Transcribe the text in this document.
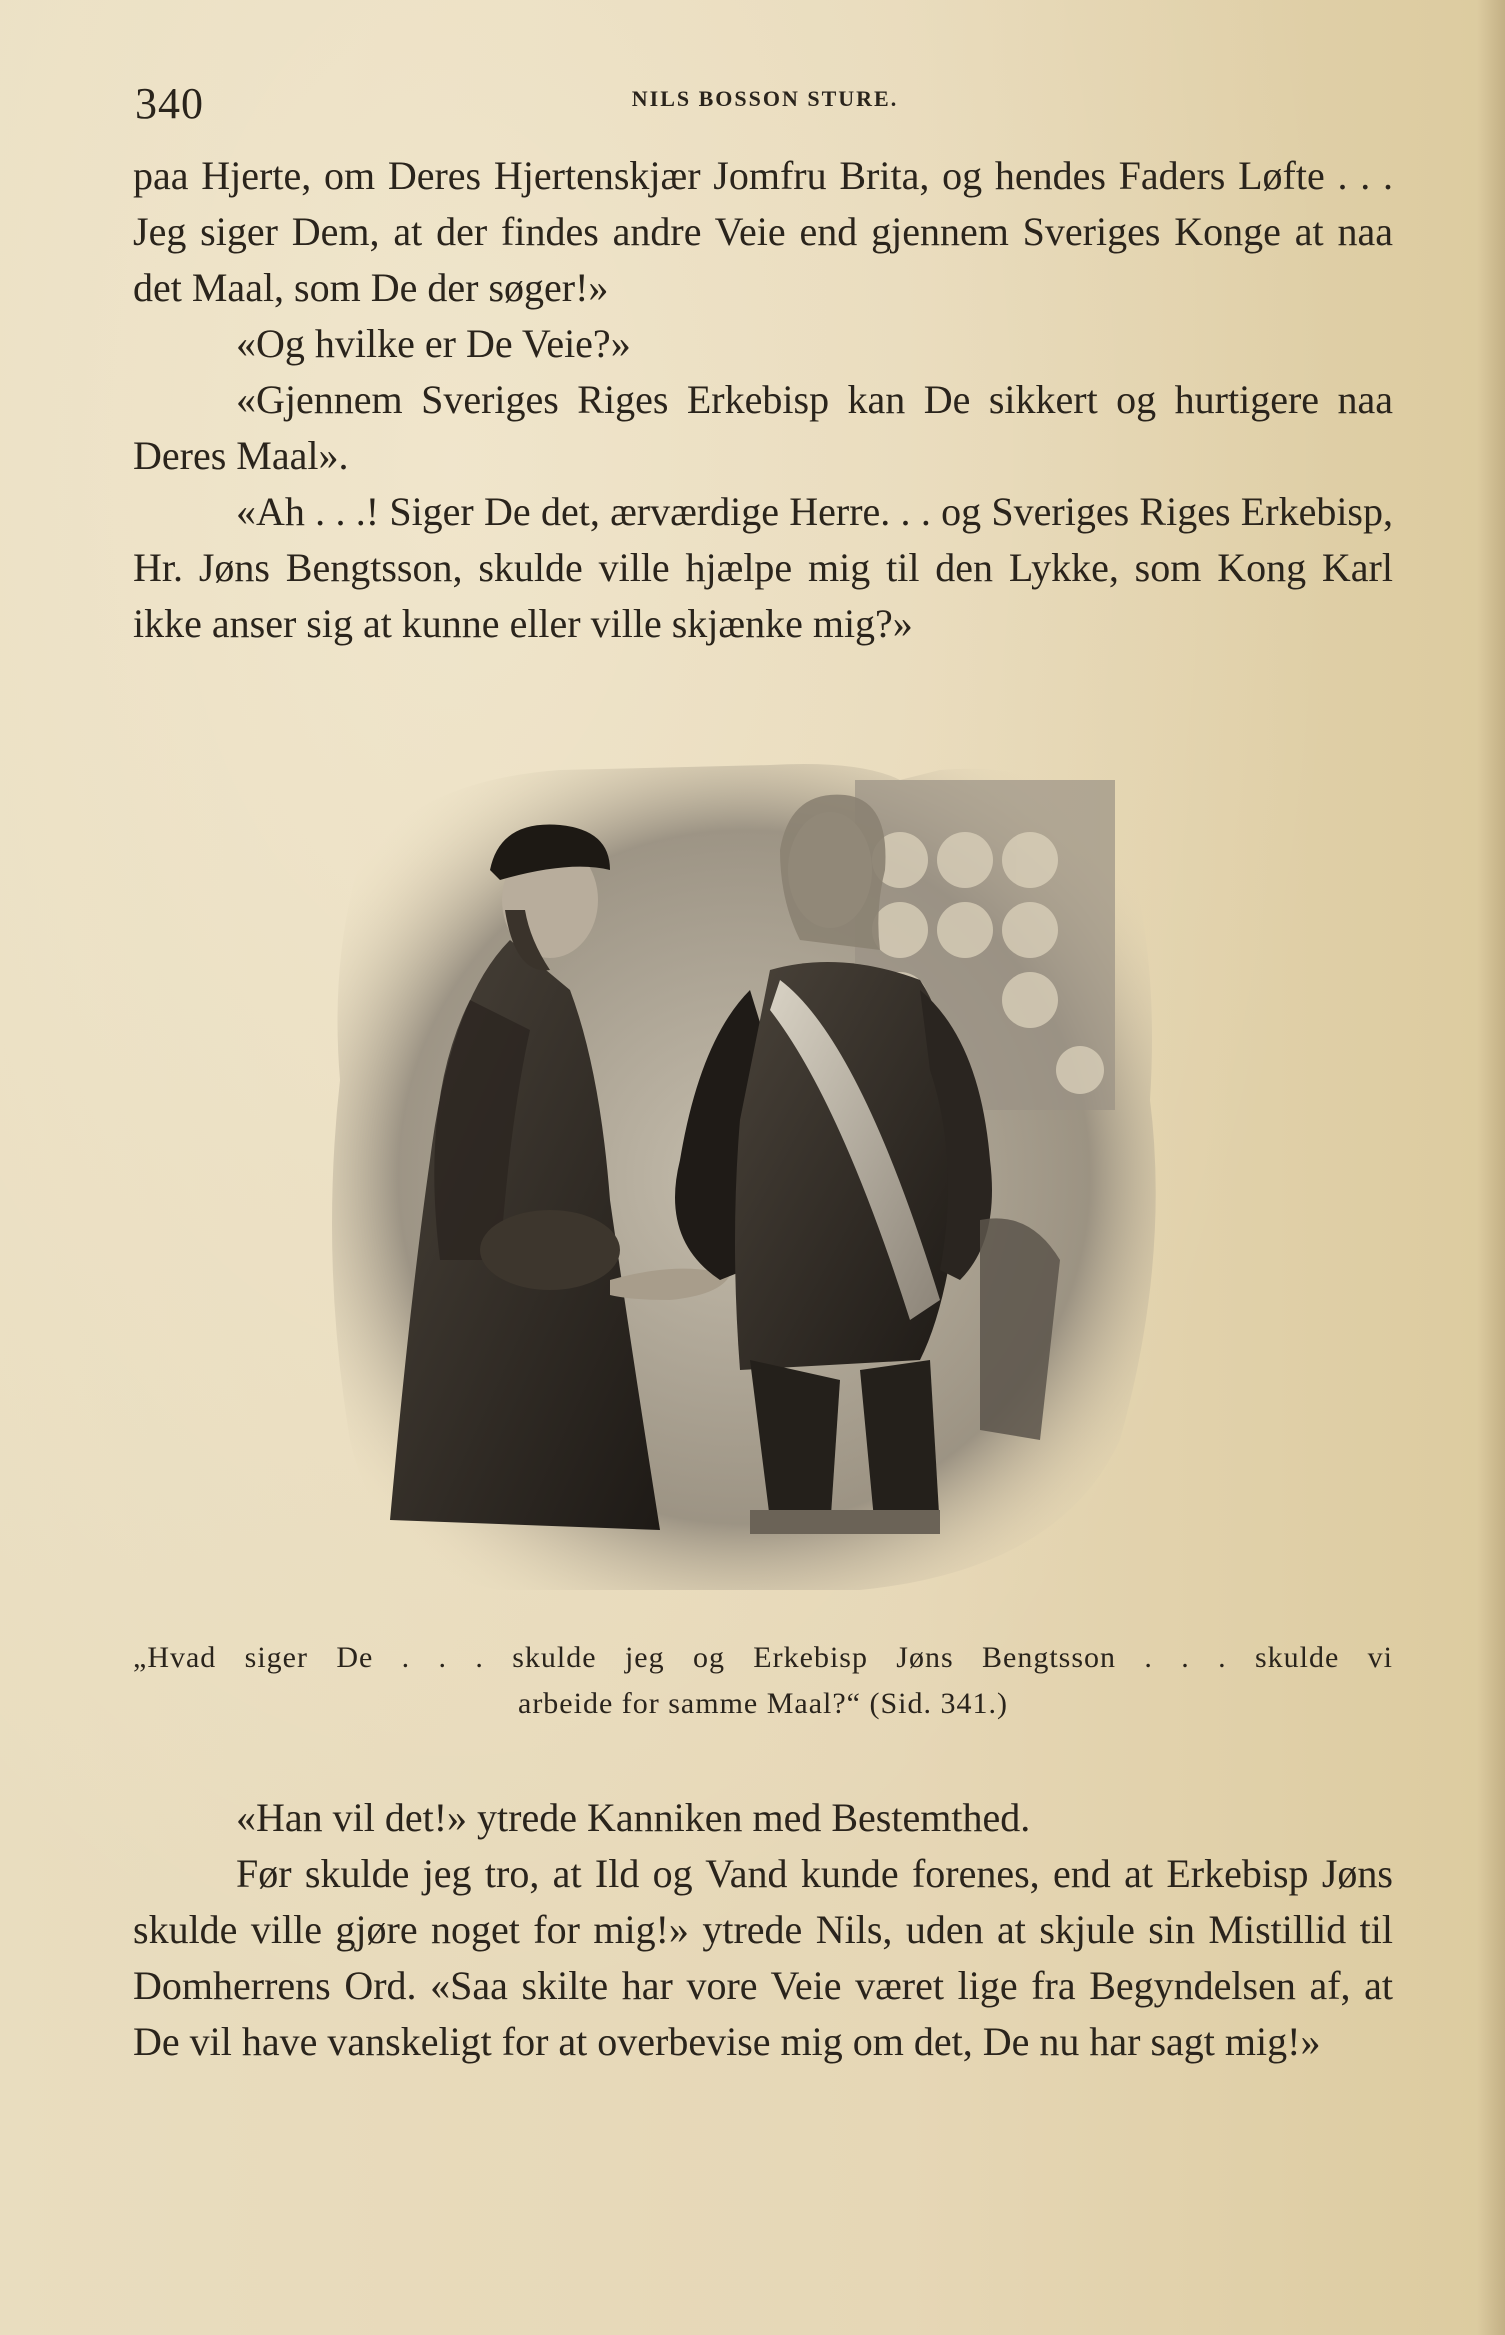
340	NILS BOSSON STURE.

paa Hjerte, om Deres Hjertenskjær Jomfru Brita, og hendes Faders Løfte . . . Jeg siger Dem, at der findes andre Veie end gjennem Sveriges Konge at naa det Maal, som De der søger!»

«Og hvilke er De Veie?»

«Gjennem Sveriges Riges Erkebisp kan De sikkert og hurtigere naa Deres Maal».

«Ah . . .! Siger De det, ærværdige Herre. . . og Sveriges Riges Erkebisp, Hr. Jøns Bengtsson, skulde ville hjælpe mig til den Lykke, som Kong Karl ikke anser sig at kunne eller ville skjænke mig?»

„Hvad siger De . . . skulde jeg og Erkebisp Jøns Bengtsson . . . skulde vi
arbeide for samme Maal?“ (Sid. 341.)

«Han vil det!» ytrede Kanniken med Bestemthed.

Før skulde jeg tro, at Ild og Vand kunde forenes, end at Erkebisp Jøns skulde ville gjøre noget for mig!» ytrede Nils, uden at skjule sin Mistillid til Domherrens Ord. «Saa skilte har vore Veie været lige fra Begyndelsen af, at De vil have vanskeligt for at overbevise mig om det, De nu har sagt mig!»
